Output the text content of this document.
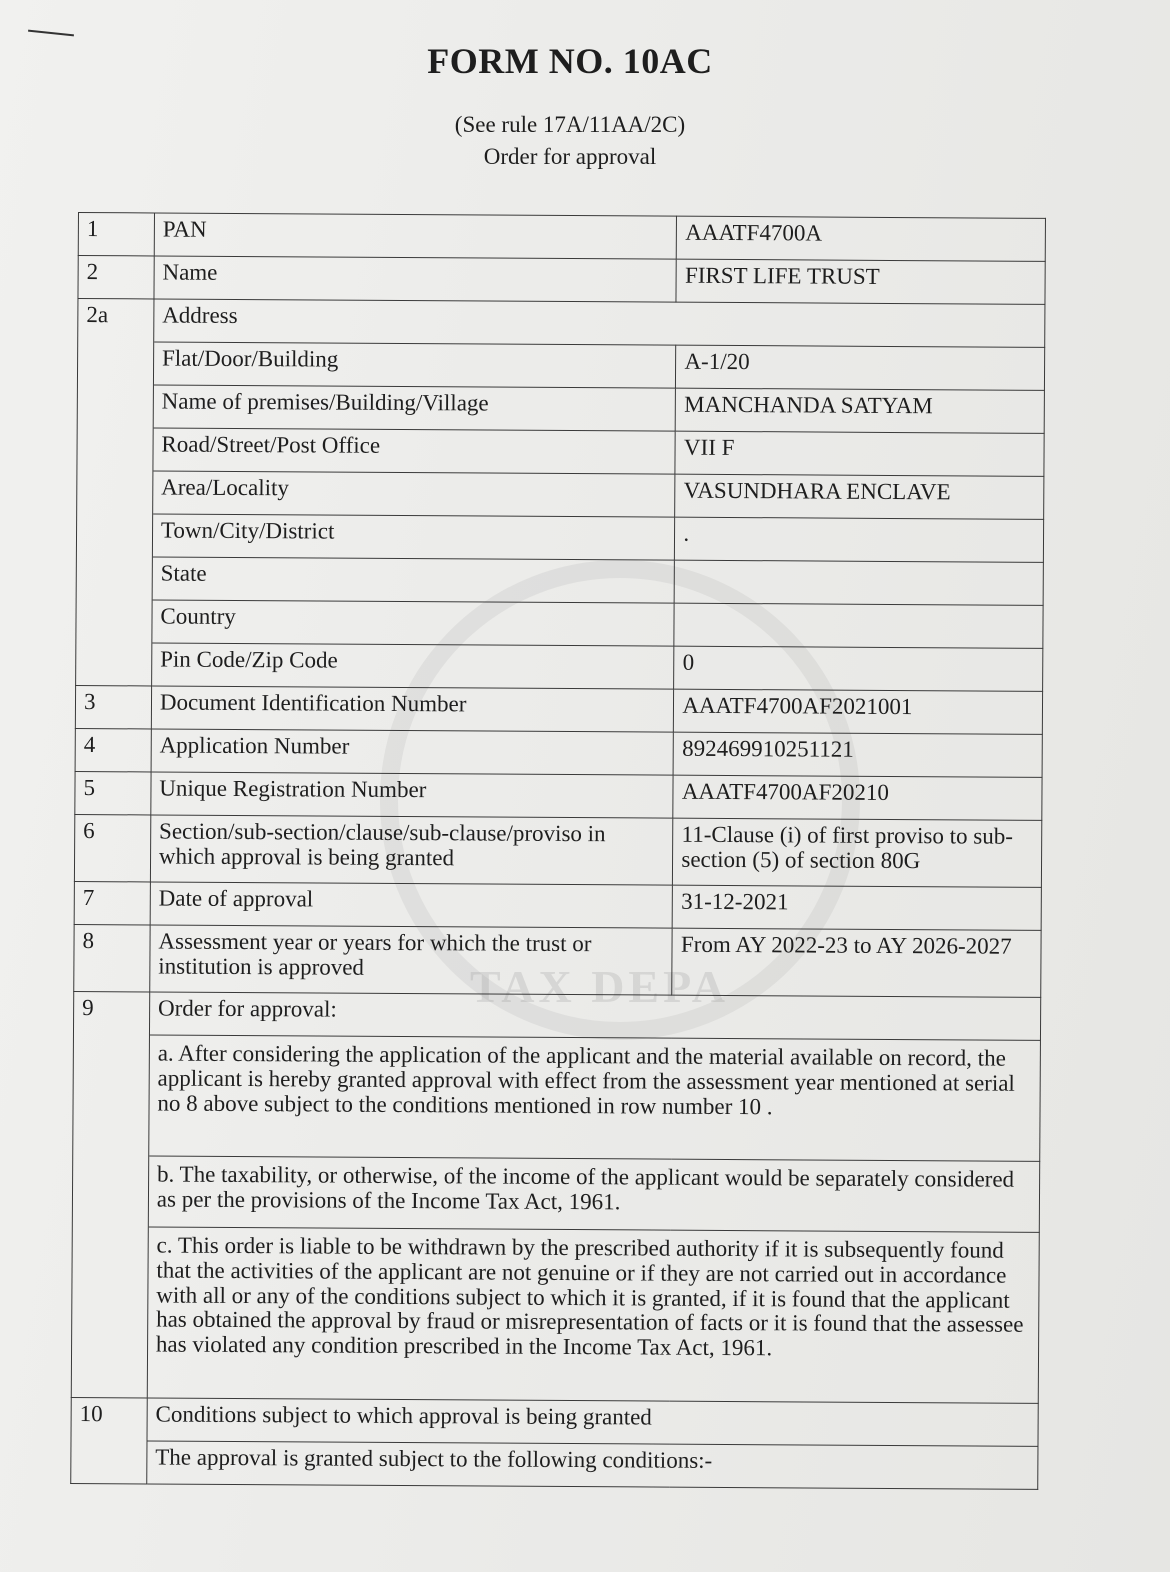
FORM NO. 10AC
(See rule 17A/11AA/2C)
Order for approval
TAX DEPA
1	PAN	AAATF4700A
2	Name	FIRST LIFE TRUST
2a	Address	
	Flat/Door/Building	A-1/20
	Name of premises/Building/Village	MANCHANDA SATYAM
	Road/Street/Post Office	VII F
	Area/Locality	VASUNDHARA ENCLAVE
	Town/City/District	.
	State	
	Country	
	Pin Code/Zip Code	0
3	Document Identification Number	AAATF4700AF2021001
4	Application Number	892469910251121
5	Unique Registration Number	AAATF4700AF20210
6	Section/sub-section/clause/sub-clause/proviso in which approval is being granted	11-Clause (i) of first proviso to sub-section (5) of section 80G
7	Date of approval	31-12-2021
8	Assessment year or years for which the trust or institution is approved	From AY 2022-23 to AY 2026-2027
9	Order for approval:	
	a. After considering the application of the applicant and the material available on record, the applicant is hereby granted approval with effect from the assessment year mentioned at serial no 8 above subject to the conditions mentioned in row number 10 .	
	b. The taxability, or otherwise, of the income of the applicant would be separately considered as per the provisions of the Income Tax Act, 1961.	
	c. This order is liable to be withdrawn by the prescribed authority if it is subsequently found that the activities of the applicant are not genuine or if they are not carried out in accordance with all or any of the conditions subject to which it is granted, if it is found that the applicant has obtained the approval by fraud or misrepresentation of facts or it is found that the assessee has violated any condition prescribed in the Income Tax Act, 1961.	
10	Conditions subject to which approval is being granted	
	The approval is granted subject to the following conditions:-	
